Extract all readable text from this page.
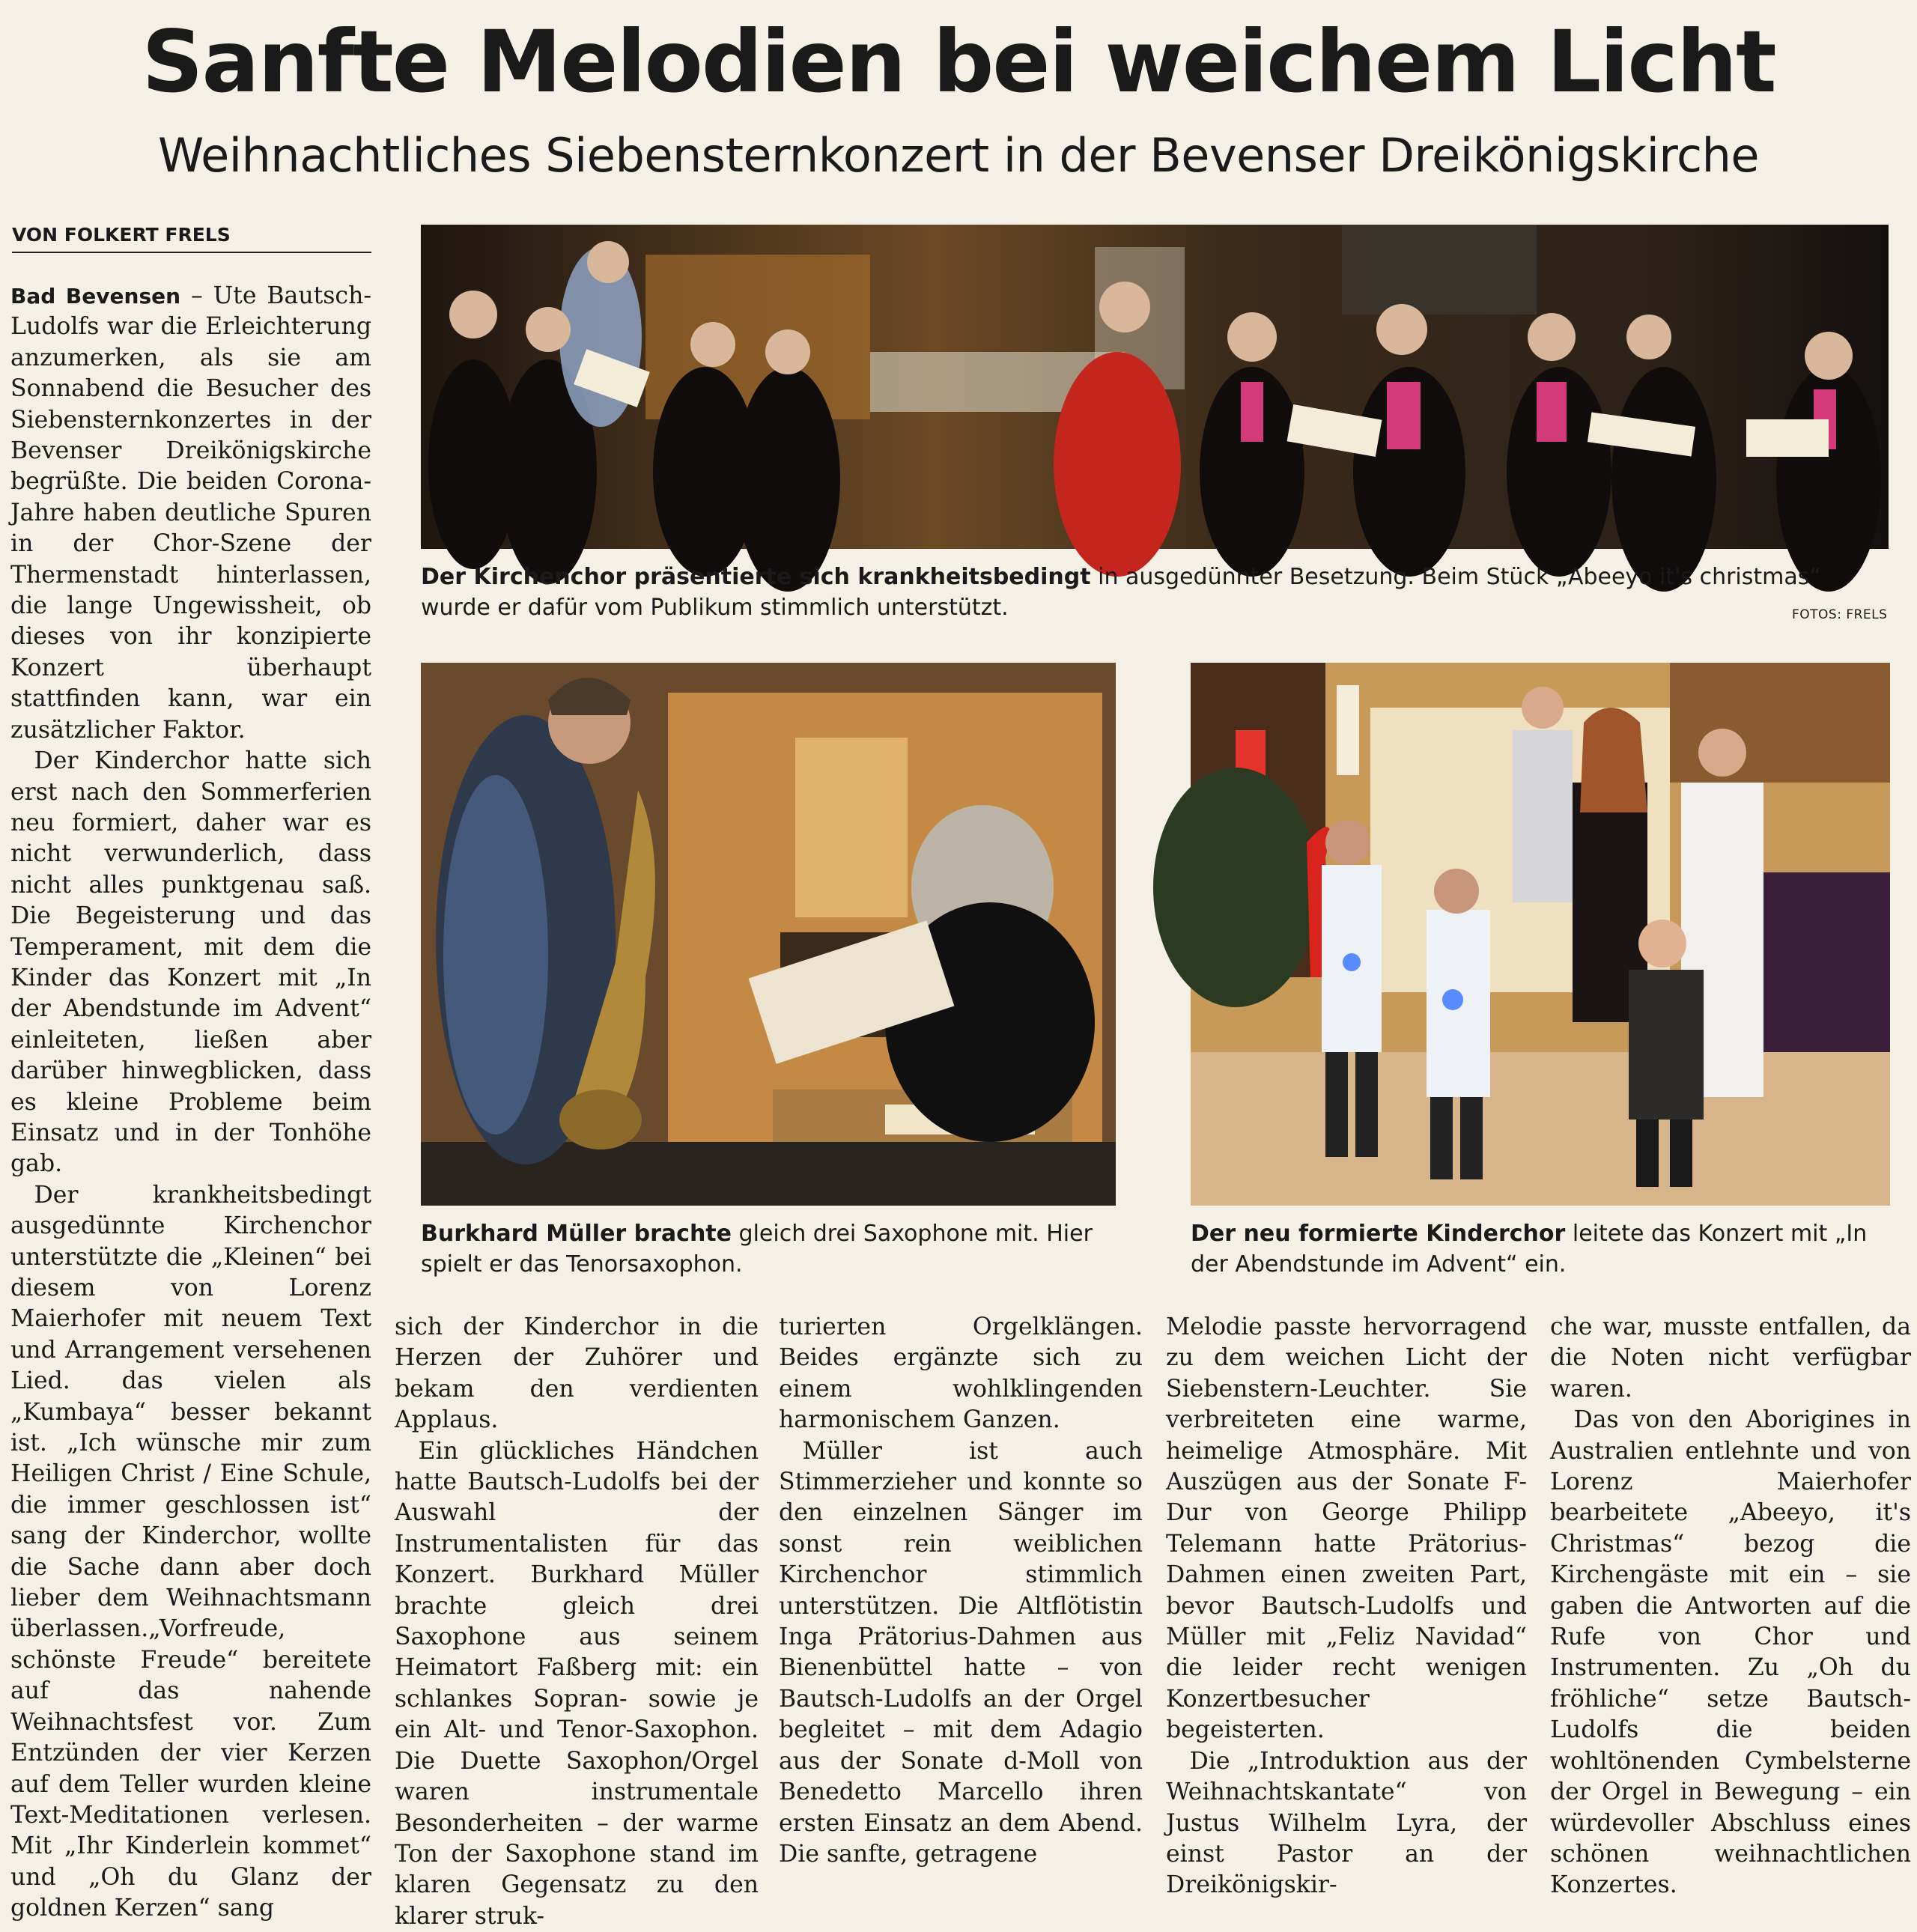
Sanfte Melodien bei weichem Licht
Weihnachtliches Siebensternkonzert in der Bevenser Dreikönigskirche
VON FOLKERT FRELS
Der Kirchenchor präsentierte sich krankheitsbedingt in ausgedünnter Besetzung. Beim Stück „Abeeyo it's christmas“
wurde er dafür vom Publikum stimmlich unterstützt.	FOTOS: FRELS
Burkhard Müller brachte gleich drei Saxophone mit. Hier
spielt er das Tenorsaxophon.
Der neu formierte Kinderchor leitete das Konzert mit „In
der Abendstunde im Advent“ ein.

Bad Bevensen – Ute Bautsch-Ludolfs war die Erleichterung anzumerken, als sie am Sonnabend die Besucher des Siebensternkonzertes in der Bevenser Dreikönigskirche begrüßte. Die beiden Corona-Jahre haben deutliche Spuren in der Chor-Szene der Thermenstadt hinterlassen, die lange Ungewissheit, ob dieses von ihr konzipierte Konzert überhaupt stattfinden kann, war ein zusätzlicher Faktor.

Der Kinderchor hatte sich erst nach den Sommerferien neu formiert, daher war es nicht verwunderlich, dass nicht alles punktgenau saß. Die Begeisterung und das Temperament, mit dem die Kinder das Konzert mit „In der Abendstunde im Advent“ einleiteten, ließen aber darüber hinwegblicken, dass es kleine Probleme beim Einsatz und in der Tonhöhe gab.

Der krankheitsbedingt ausgedünnte Kirchenchor unterstützte die „Kleinen“ bei diesem von Lorenz Maierhofer mit neuem Text und Arrangement versehenen Lied. das vielen als „Kumbaya“ besser bekannt ist. „Ich wünsche mir zum Heiligen Christ / Eine Schule, die immer geschlossen ist“ sang der Kinderchor, wollte die Sache dann aber doch lieber dem Weihnachtsmann überlassen.„Vorfreude, schönste Freude“ bereitete auf das nahende Weihnachtsfest vor. Zum Entzünden der vier Kerzen auf dem Teller wurden kleine Text-Meditationen verlesen. Mit „Ihr Kinderlein kommet“ und „Oh du Glanz der goldnen Kerzen“ sang

sich der Kinderchor in die Herzen der Zuhörer und bekam den verdienten Applaus.

Ein glückliches Händchen hatte Bautsch-Ludolfs bei der Auswahl der Instrumentalisten für das Konzert. Burkhard Müller brachte gleich drei Saxophone aus seinem Heimatort Faßberg mit: ein schlankes Sopran- sowie je ein Alt- und Tenor-Saxophon. Die Duette Saxophon/Orgel waren instrumentale Besonderheiten – der warme Ton der Saxophone stand im klaren Gegensatz zu den klarer struk-

turierten Orgelklängen. Beides ergänzte sich zu einem wohlklingenden harmonischem Ganzen.

Müller ist auch Stimmerzieher und konnte so den einzelnen Sänger im sonst rein weiblichen Kirchenchor stimmlich unterstützen. Die Altflötistin Inga Prätorius-Dahmen aus Bienenbüttel hatte – von Bautsch-Ludolfs an der Orgel begleitet – mit dem Adagio aus der Sonate d-Moll von Benedetto Marcello ihren ersten Einsatz an dem Abend. Die sanfte, getragene

Melodie passte hervorragend zu dem weichen Licht der Siebenstern-Leuchter. Sie verbreiteten eine warme, heimelige Atmosphäre. Mit Auszügen aus der Sonate F-Dur von George Philipp Telemann hatte Prätorius-Dahmen einen zweiten Part, bevor Bautsch-Ludolfs und Müller mit „Feliz Navidad“ die leider recht wenigen Konzertbesucher begeisterten.

Die „Introduktion aus der Weihnachtskantate“ von Justus Wilhelm Lyra, der einst Pastor an der Dreikönigskir-

che war, musste entfallen, da die Noten nicht verfügbar waren.

Das von den Aborigines in Australien entlehnte und von Lorenz Maierhofer bearbeitete „Abeeyo, it's Christmas“ bezog die Kirchengäste mit ein – sie gaben die Antworten auf die Rufe von Chor und Instrumenten. Zu „Oh du fröhliche“ setze Bautsch-Ludolfs die beiden wohltönenden Cymbelsterne der Orgel in Bewegung – ein würdevoller Abschluss eines schönen weihnachtlichen Konzertes.
